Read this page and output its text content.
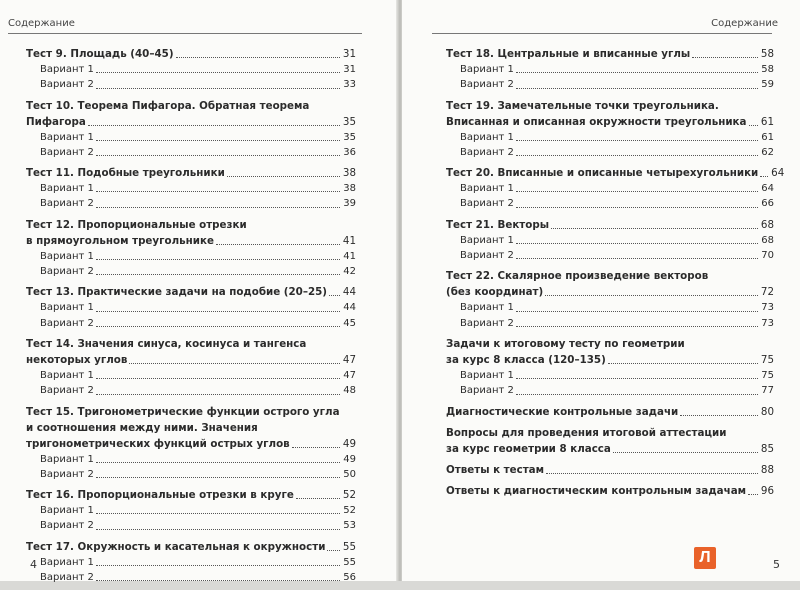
Содержание
Тест 9. Площадь (40–45)	31
Вариант 1	31
Вариант 2	33
Тест 10. Теорема Пифагора. Обратная теорема
Пифагора	35
Вариант 1	35
Вариант 2	36
Тест 11. Подобные треугольники	38
Вариант 1	38
Вариант 2	39
Тест 12. Пропорциональные отрезки
в прямоугольном треугольнике	41
Вариант 1	41
Вариант 2	42
Тест 13. Практические задачи на подобие (20–25) 44
Вариант 1	44
Вариант 2	45
Тест 14. Значения синуса, косинуса и тангенса
некоторых углов	47
Вариант 1	47
Вариант 2	48
Тест 15. Тригонометрические функции острого угла
и соотношения между ними. Значения
тригонометрических функций острых углов	49
Вариант 1	49
Вариант 2	50
Тест 16. Пропорциональные отрезки в круге	52
Вариант 1	52
Вариант 2	53
Тест 17. Окружность и касательная к окружности 55
Вариант 1	55
Вариант 2	56
4
Содержание
Тест 18. Центральные и вписанные углы	58
Вариант 1	58
Вариант 2	59
Тест 19. Замечательные точки треугольника.
Вписанная и описанная окружности треугольника 61
Вариант 1	61
Вариант 2	62
Тест 20. Вписанные и описанные четырехугольники 64
Вариант 1	64
Вариант 2	66
Тест 21. Векторы	68
Вариант 1	68
Вариант 2	70
Тест 22. Скалярное произведение векторов
(без координат)	72
Вариант 1	73
Вариант 2	73
Задачи к итоговому тесту по геометрии
за курс 8 класса (120–135)	75
Вариант 1	75
Вариант 2	77
Диагностические контрольные задачи	80
Вопросы для проведения итоговой аттестации
за курс геометрии 8 класса	85
Ответы к тестам	88
Ответы к диагностическим контрольным задачам 96
Л	5
